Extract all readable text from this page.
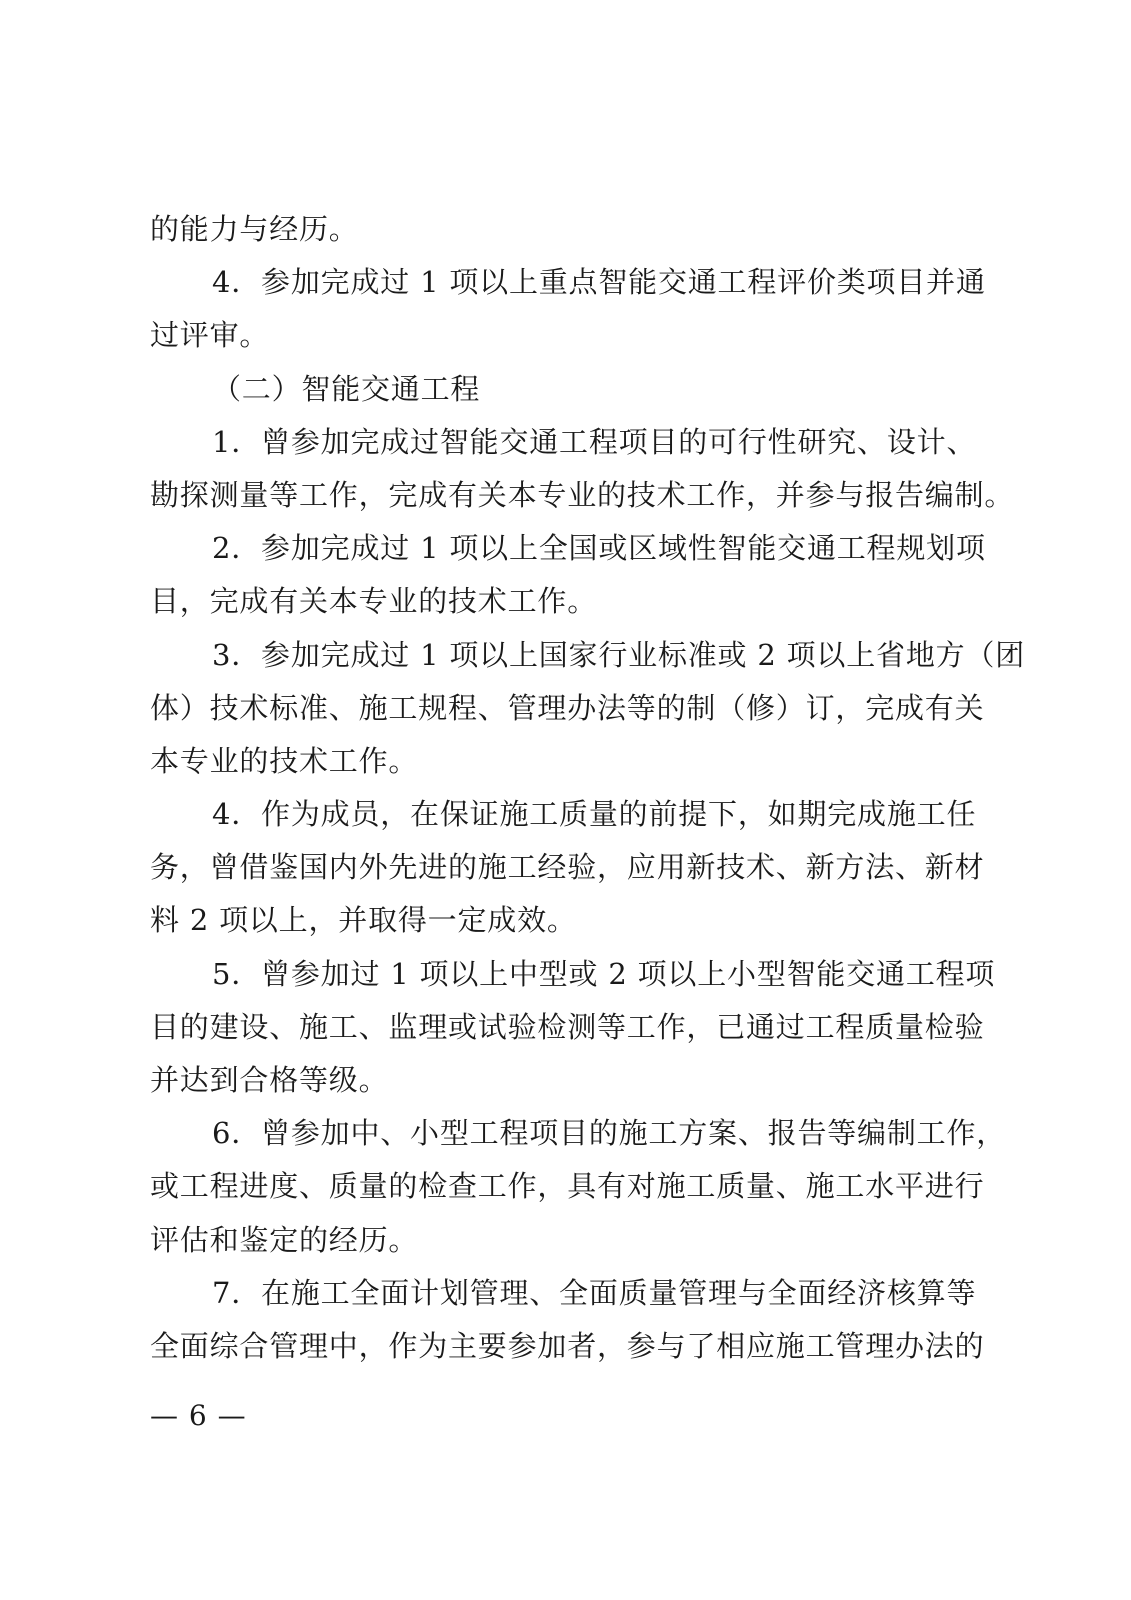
的能力与经历。
4．参加完成过 1 项以上重点智能交通工程评价类项目并通
过评审。
（二）智能交通工程
1．曾参加完成过智能交通工程项目的可行性研究、设计、
勘探测量等工作，完成有关本专业的技术工作，并参与报告编制。
2．参加完成过 1 项以上全国或区域性智能交通工程规划项
目，完成有关本专业的技术工作。
3．参加完成过 1 项以上国家行业标准或 2 项以上省地方（团
体）技术标准、施工规程、管理办法等的制（修）订，完成有关
本专业的技术工作。
4．作为成员，在保证施工质量的前提下，如期完成施工任
务，曾借鉴国内外先进的施工经验，应用新技术、新方法、新材
料 2 项以上，并取得一定成效。
5．曾参加过 1 项以上中型或 2 项以上小型智能交通工程项
目的建设、施工、监理或试验检测等工作，已通过工程质量检验
并达到合格等级。
6．曾参加中、小型工程项目的施工方案、报告等编制工作，
或工程进度、质量的检查工作，具有对施工质量、施工水平进行
评估和鉴定的经历。
7．在施工全面计划管理、全面质量管理与全面经济核算等
全面综合管理中，作为主要参加者，参与了相应施工管理办法的
— 6 —
